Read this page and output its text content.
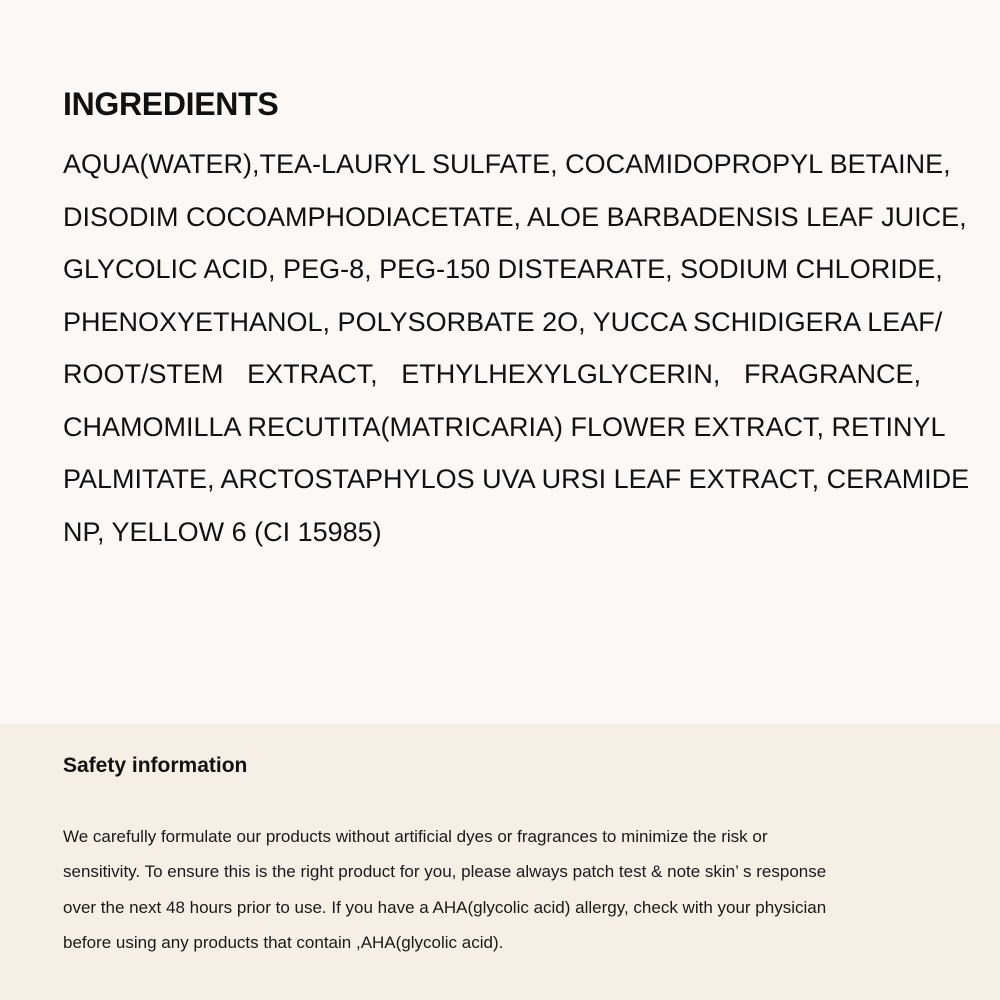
INGREDIENTS

AQUA(WATER),TEA-LAURYL SULFATE, COCAMIDOPROPYL BETAINE,

DISODIM COCOAMPHODIACETATE, ALOE BARBADENSIS LEAF JUICE,

GLYCOLIC ACID, PEG-8, PEG-150 DISTEARATE, SODIUM CHLORIDE,

PHENOXYETHANOL, POLYSORBATE 2O, YUCCA SCHIDIGERA LEAF/

ROOT/STEM EXTRACT, ETHYLHEXYLGLYCERIN, FRAGRANCE,

CHAMOMILLA RECUTITA(MATRICARIA) FLOWER EXTRACT, RETINYL

PALMITATE, ARCTOSTAPHYLOS UVA URSI LEAF EXTRACT, CERAMIDE

NP, YELLOW 6 (CI 15985)

Safety information

We carefully formulate our products without artificial dyes or fragrances to minimize the risk or

sensitivity. To ensure this is the right product for you, please always patch test & note skin’ s response

over the next 48 hours prior to use. If you have a AHA(glycolic acid) allergy, check with your physician

before using any products that contain ,AHA(glycolic acid).
